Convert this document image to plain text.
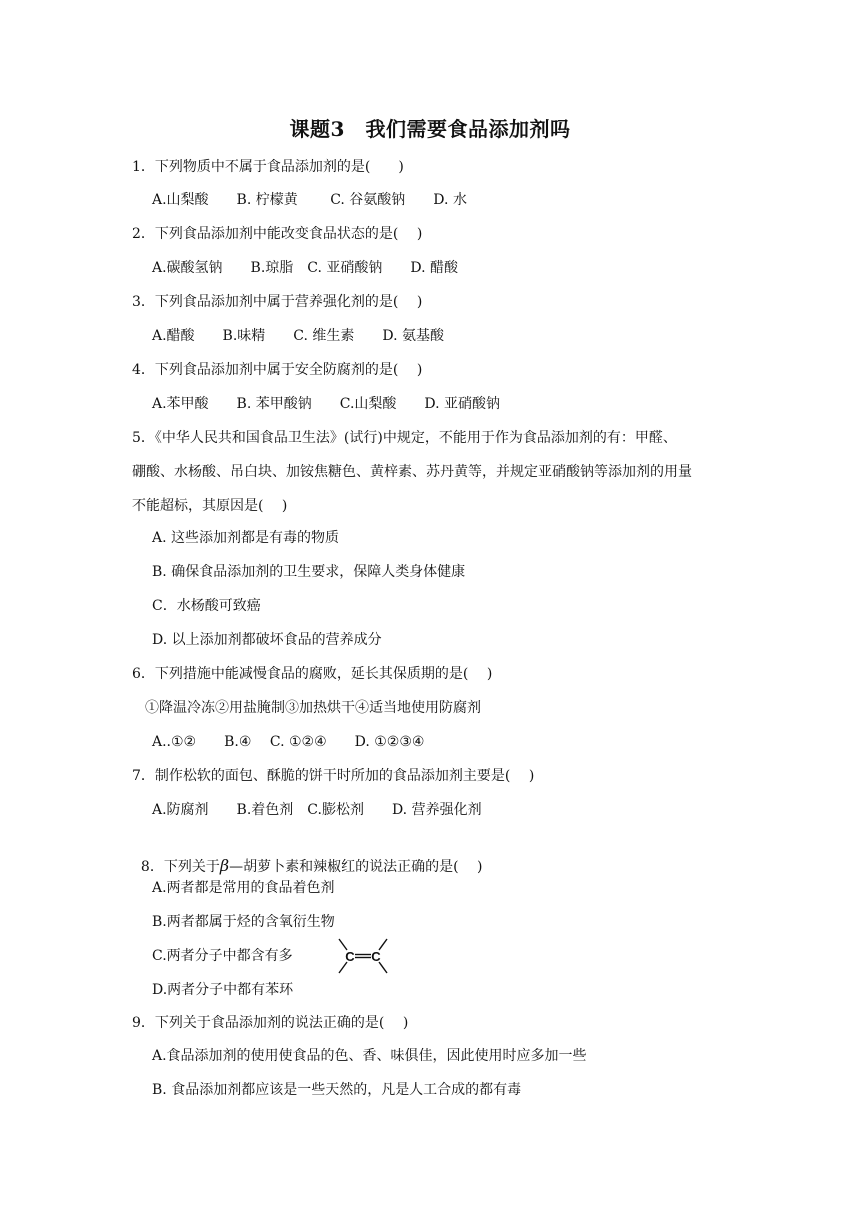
课题3　我们需要食品添加剂吗
1．下列物质中不属于食品添加剂的是(　　)
A.山梨酸　　B. 柠檬黄　　 C. 谷氨酸钠　　D. 水
2．下列食品添加剂中能改变食品状态的是( 　)
A.碳酸氢钠　　B.琼脂　C. 亚硝酸钠　　D. 醋酸
3．下列食品添加剂中属于营养强化剂的是( 　)
A.醋酸　　B.味精　　C. 维生素　　D. 氨基酸
4．下列食品添加剂中属于安全防腐剂的是( 　)
A.苯甲酸　　B. 苯甲酸钠　　C.山梨酸　　D. 亚硝酸钠
5．《中华人民共和国食品卫生法》(试行)中规定，不能用于作为食品添加剂的有：甲醛、
硼酸、水杨酸、吊白块、加铵焦糖色、黄梓素、苏丹黄等，并规定亚硝酸钠等添加剂的用量
不能超标，其原因是( 　)
A. 这些添加剂都是有毒的物质
B. 确保食品添加剂的卫生要求，保障人类身体健康
C．水杨酸可致癌
D. 以上添加剂都破坏食品的营养成分
6．下列措施中能减慢食品的腐败，延长其保质期的是( 　)
①降温冷冻②用盐腌制③加热烘干④适当地使用防腐剂
A..①②　　B.④　 C. ①②④　　D. ①②③④
7．制作松软的面包、酥脆的饼干时所加的食品添加剂主要是( 　)
A.防腐剂　　B.着色剂　C.膨松剂　　D. 营养强化剂

8．下列关于β—胡萝卜素和辣椒红的说法正确的是( 　)

A.两者都是常用的食品着色剂
B.两者都属于烃的含氧衍生物
C.两者分子中都含有多	C C
D.两者分子中都有苯环
9．下列关于食品添加剂的说法正确的是( 　)
A.食品添加剂的使用使食品的色、香、味俱佳，因此使用时应多加一些
B. 食品添加剂都应该是一些天然的，凡是人工合成的都有毒
